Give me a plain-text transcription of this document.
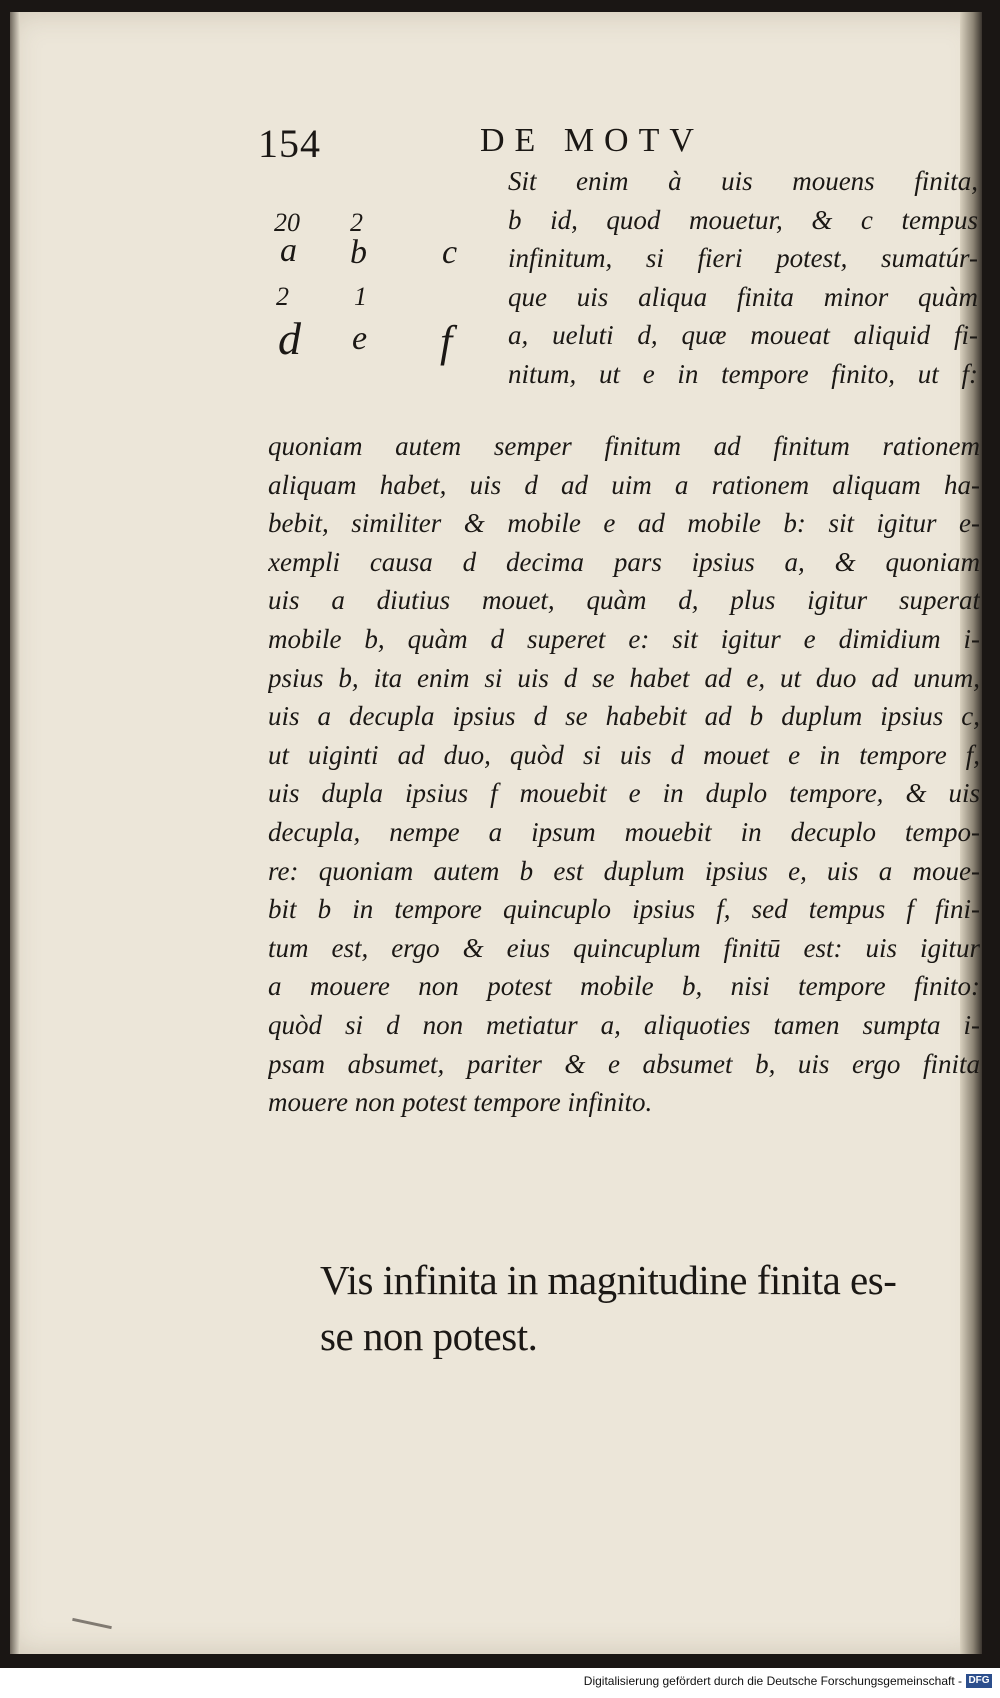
154	DE MOTV
20 2
a b c
2	1
d e f
Sit enim à uis mouens finita,
b id, quod mouetur, & c tempus
infinitum, si fieri potest, sumatúr-
que uis aliqua finita minor quàm
a, ueluti d, quæ moueat aliquid fi-
nitum, ut e in tempore finito, ut f:
quoniam autem semper finitum ad finitum rationem
aliquam habet, uis d ad uim a rationem aliquam ha-
bebit, similiter & mobile e ad mobile b: sit igitur e-
xempli causa d decima pars ipsius a, & quoniam
uis a diutius mouet, quàm d, plus igitur superat
mobile b, quàm d superet e: sit igitur e dimidium i-
psius b, ita enim si uis d se habet ad e, ut duo ad unum,
uis a decupla ipsius d se habebit ad b duplum ipsius c,
ut uiginti ad duo, quòd si uis d mouet e in tempore f,
uis dupla ipsius f mouebit e in duplo tempore, & uis
decupla, nempe a ipsum mouebit in decuplo tempo-
re: quoniam autem b est duplum ipsius e, uis a moue-
bit b in tempore quincuplo ipsius f, sed tempus f fini-
tum est, ergo & eius quincuplum finitū est: uis igitur
a mouere non potest mobile b, nisi tempore finito:
quòd si d non metiatur a, aliquoties tamen sumpta i-
psam absumet, pariter & e absumet b, uis ergo finita
mouere non potest tempore infinito.
Vis infinita in magnitudine finita es-
se non potest.
Digitalisierung gefördert durch die Deutsche Forschungsgemeinschaft - DFG
